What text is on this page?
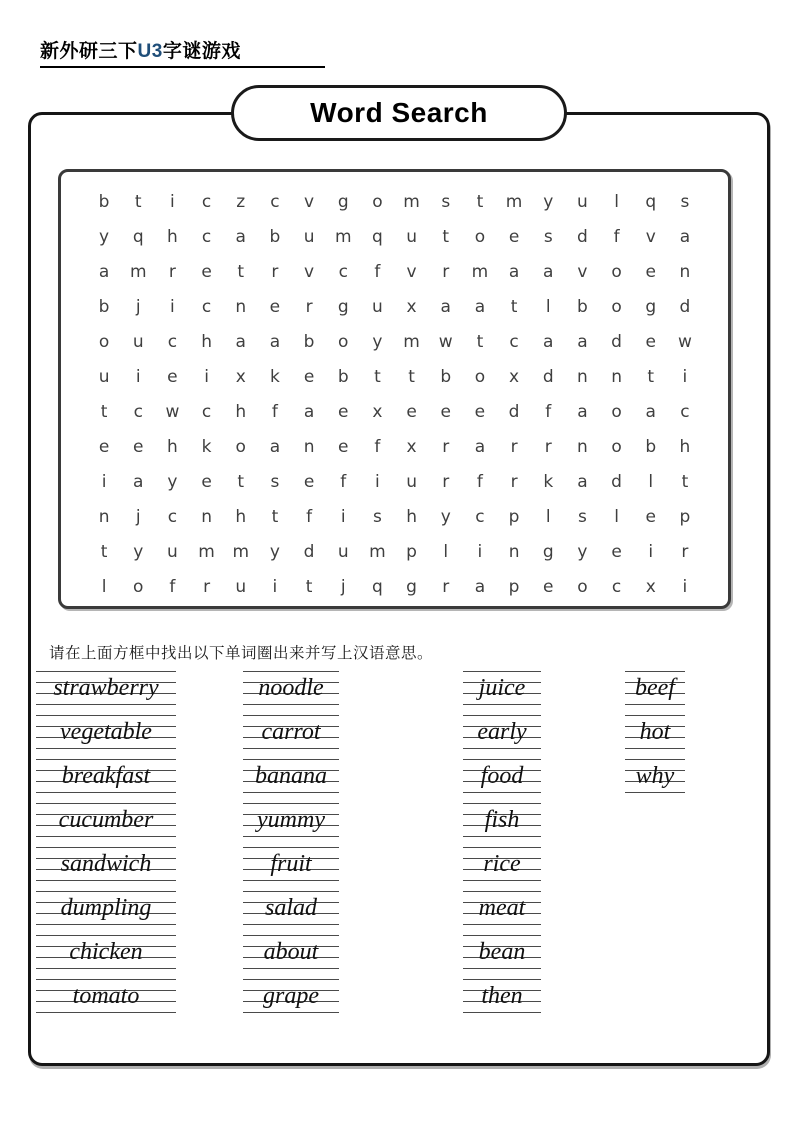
新外研三下U3字谜游戏
Word Search
b	t	i	c	z	c	v	g	o	m	s	t	m	y	u	l	q	s
y	q	h	c	a	b	u	m	q	u	t	o	e	s	d	f	v	a
a	m	r	e	t	r	v	c	f	v	r	m	a	a	v	o	e	n
b	j	i	c	n	e	r	g	u	x	a	a	t	l	b	o	g	d
o	u	c	h	a	a	b	o	y	m	w	t	c	a	a	d	e	w
u	i	e	i	x	k	e	b	t	t	b	o	x	d	n	n	t	i
t	c	w	c	h	f	a	e	x	e	e	e	d	f	a	o	a	c
e	e	h	k	o	a	n	e	f	x	r	a	r	r	n	o	b	h
i	a	y	e	t	s	e	f	i	u	r	f	r	k	a	d	l	t
n	j	c	n	h	t	f	i	s	h	y	c	p	l	s	l	e	p
t	y	u	m	m	y	d	u	m	p	l	i	n	g	y	e	i	r
l	o	f	r	u	i	t	j	q	g	r	a	p	e	o	c	x	i
请在上面方框中找出以下单词圈出来并写上汉语意思。
strawberry
vegetable
breakfast
cucumber
sandwich
dumpling
chicken
tomato
noodle
carrot
banana
yummy
fruit
salad
about
grape
juice
early
food
fish
rice
meat
bean
then
beef
hot
why
